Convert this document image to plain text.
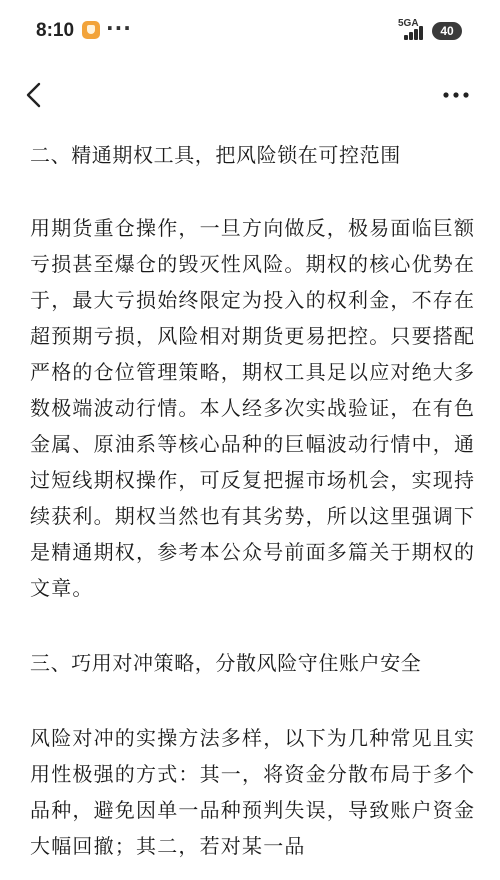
8:10 ···	5GA
40
二、精通期权工具，把风险锁在可控范围

用期货重仓操作，一旦方向做反，极易面临巨额亏损甚至爆仓的毁灭性风险。期权的核心优势在于，最大亏损始终限定为投入的权利金，不存在超预期亏损，风险相对期货更易把控。只要搭配严格的仓位管理策略，期权工具足以应对绝大多数极端波动行情。本人经多次实战验证，在有色金属、原油系等核心品种的巨幅波动行情中，通过短线期权操作，可反复把握市场机会，实现持续获利。期权当然也有其劣势，所以这里强调下是精通期权，参考本公众号前面多篇关于期权的文章。

三、巧用对冲策略，分散风险守住账户安全

风险对冲的实操方法多样，以下为几种常见且实用性极强的方式：其一，将资金分散布局于多个品种，避免因单一品种预判失误，导致账户资金大幅回撤；其二，若对某一品
